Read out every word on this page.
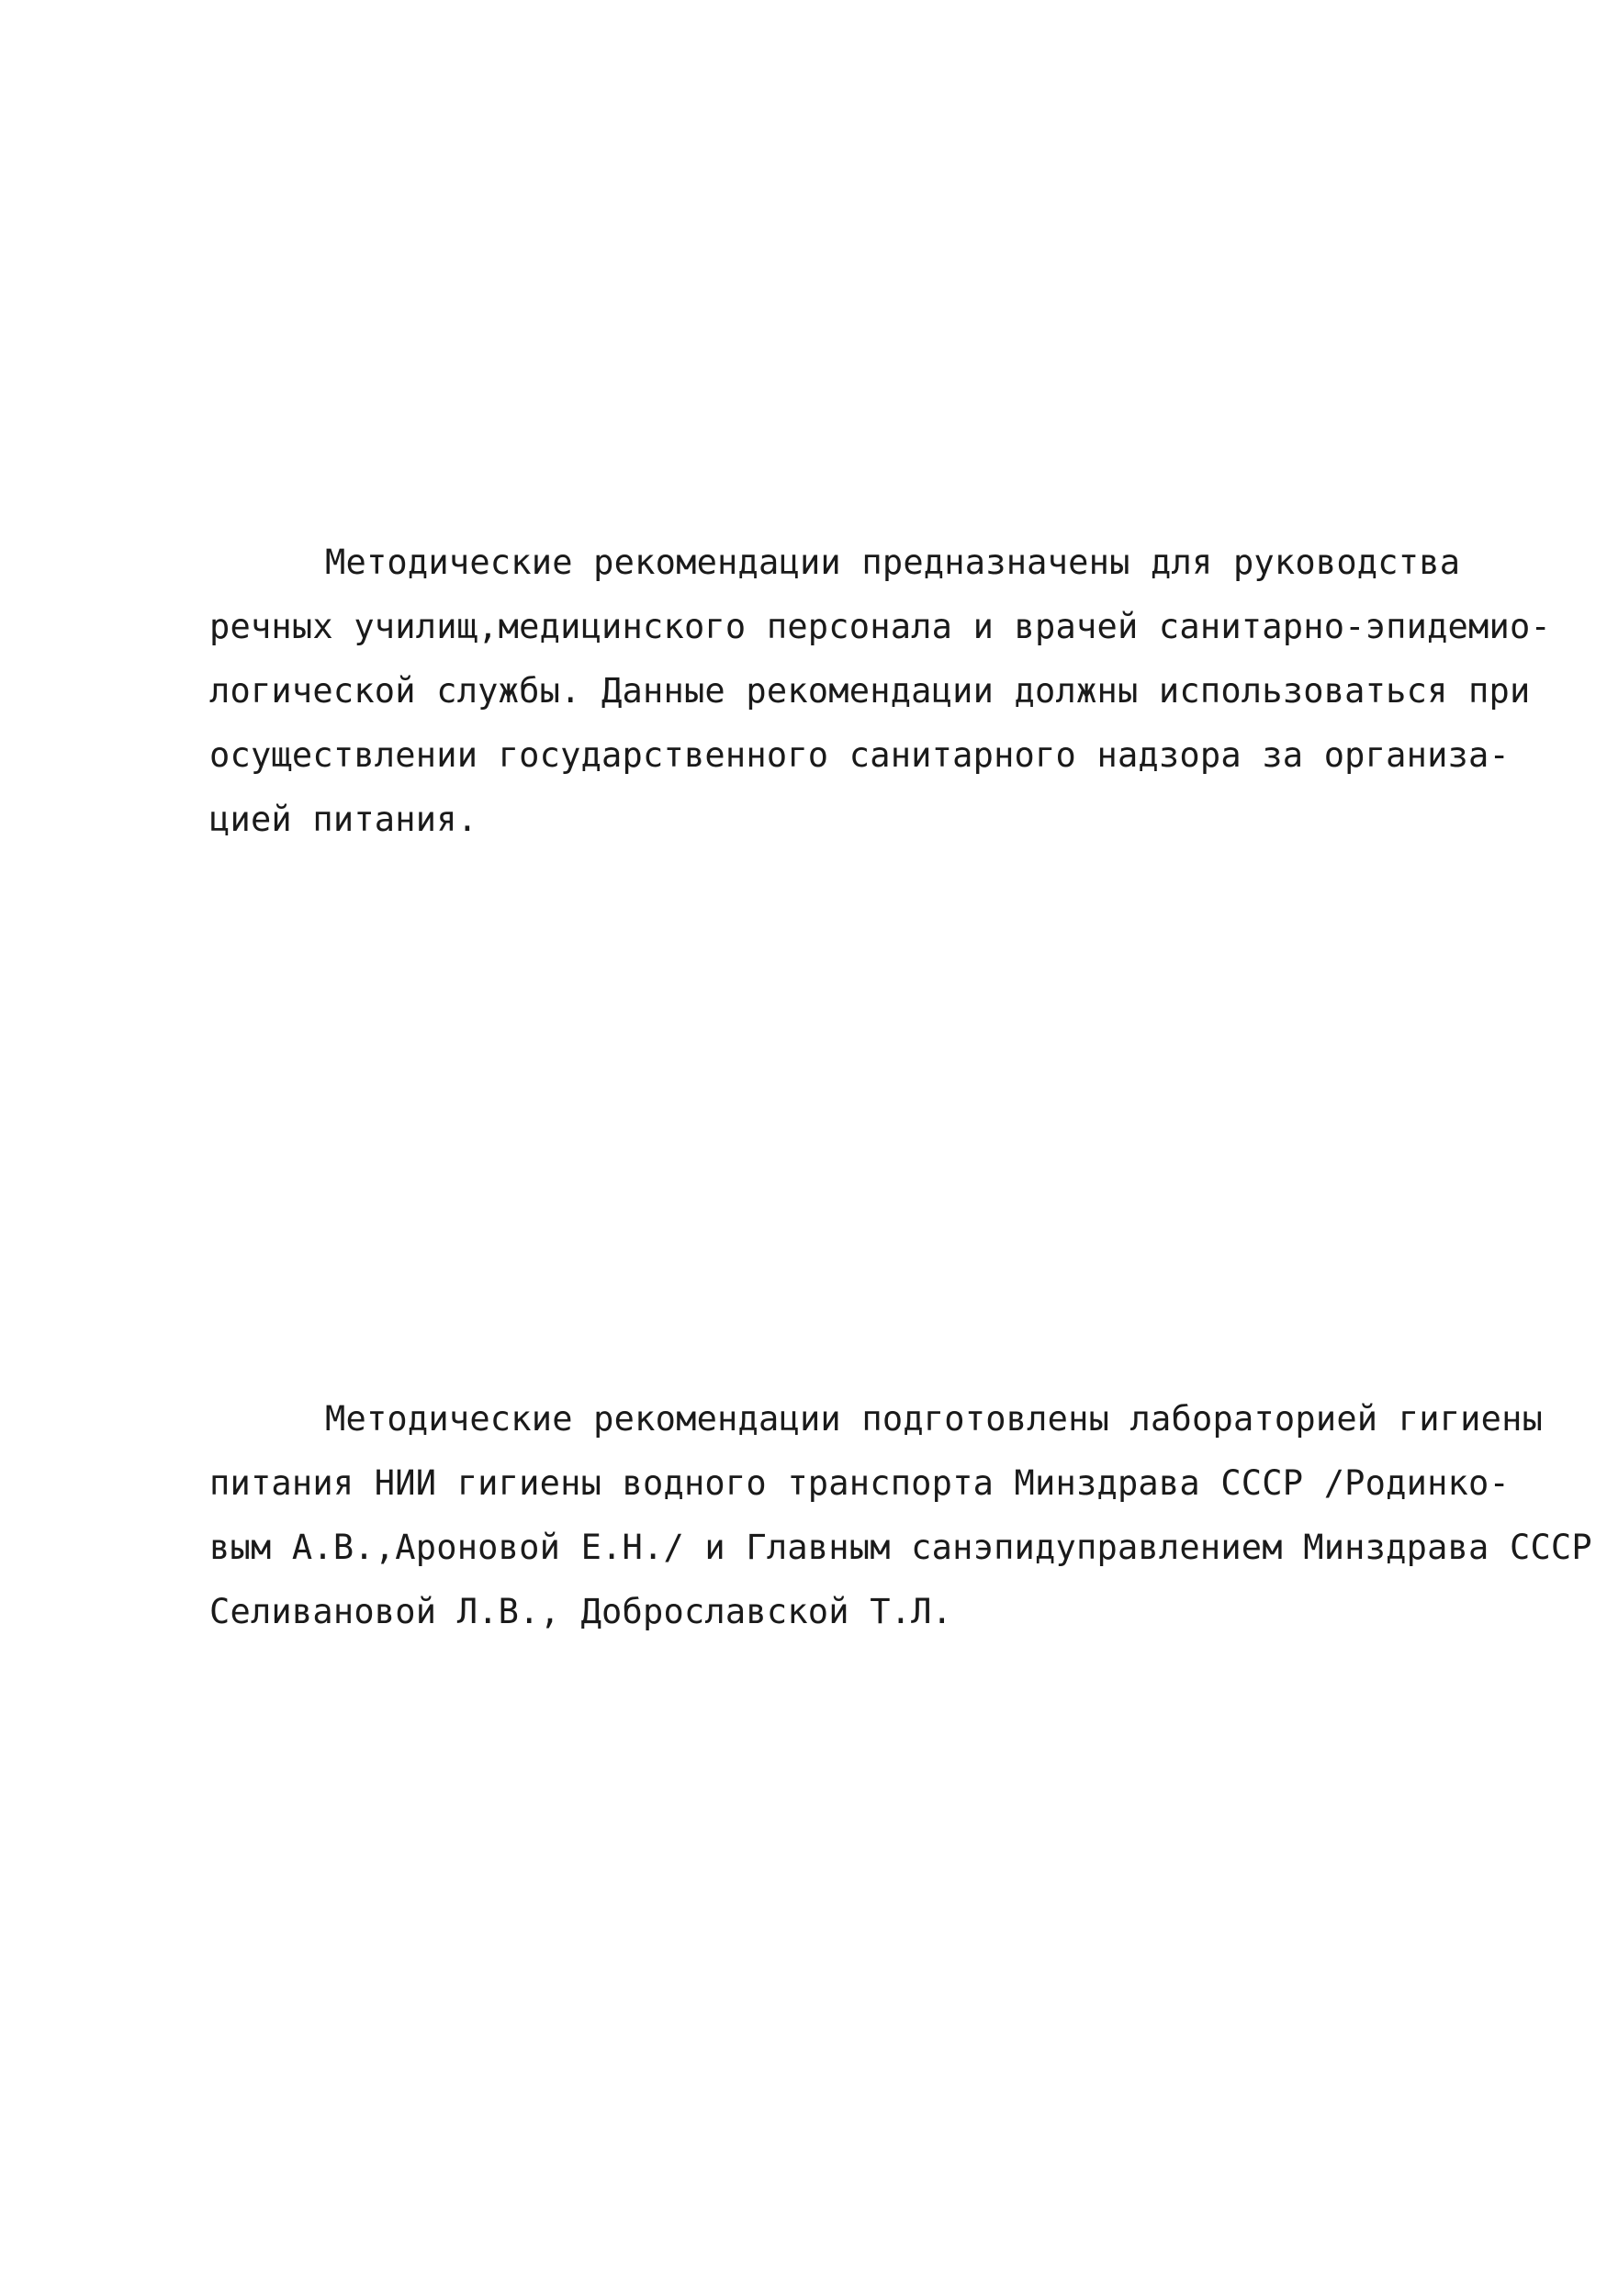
Методические рекомендации предназначены для руководства
речных училищ,медицинского персонала и врачей санитарно-эпидемио-
логической службы. Данные рекомендации должны использоваться при
осуществлении государственного санитарного надзора за организа-
цией питания.
Методические рекомендации подготовлены лабораторией гигиены
питания НИИ гигиены водного транспорта Минздрава СССР /Родинко-
вым А.В.,Ароновой Е.Н./ и Главным санэпидуправлением Минздрава СССР
Селивановой Л.В., Доброславской Т.Л.
